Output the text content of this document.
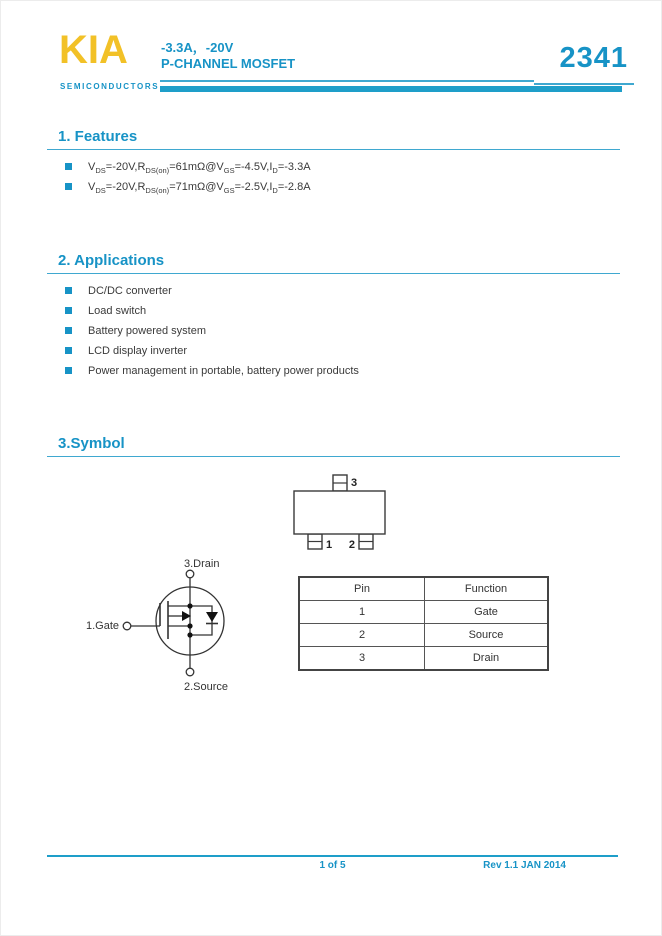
KIA
SEMICONDUCTORS
-3.3A，-20V
P-CHANNEL MOSFET	2341
1. Features
$V_{DS}=-20V,R_{DS(on)}=61m\Omega@V_{GS}=-4.5V,I_D=-3.3A$
$V_{DS}=-20V,R_{DS(on)}=71m\Omega@V_{GS}=-2.5V,I_D=-2.8A$
2. Applications
DC/DC converter
Load switch
Battery powered system
LCD display inverter
Power management in portable, battery power products
3.Symbol
3
1 2
3.Drain
1.Gate
2.Source
Pin	Function
1	Gate
2	Source
3	Drain
1 of 5	Rev 1.1 JAN 2014
